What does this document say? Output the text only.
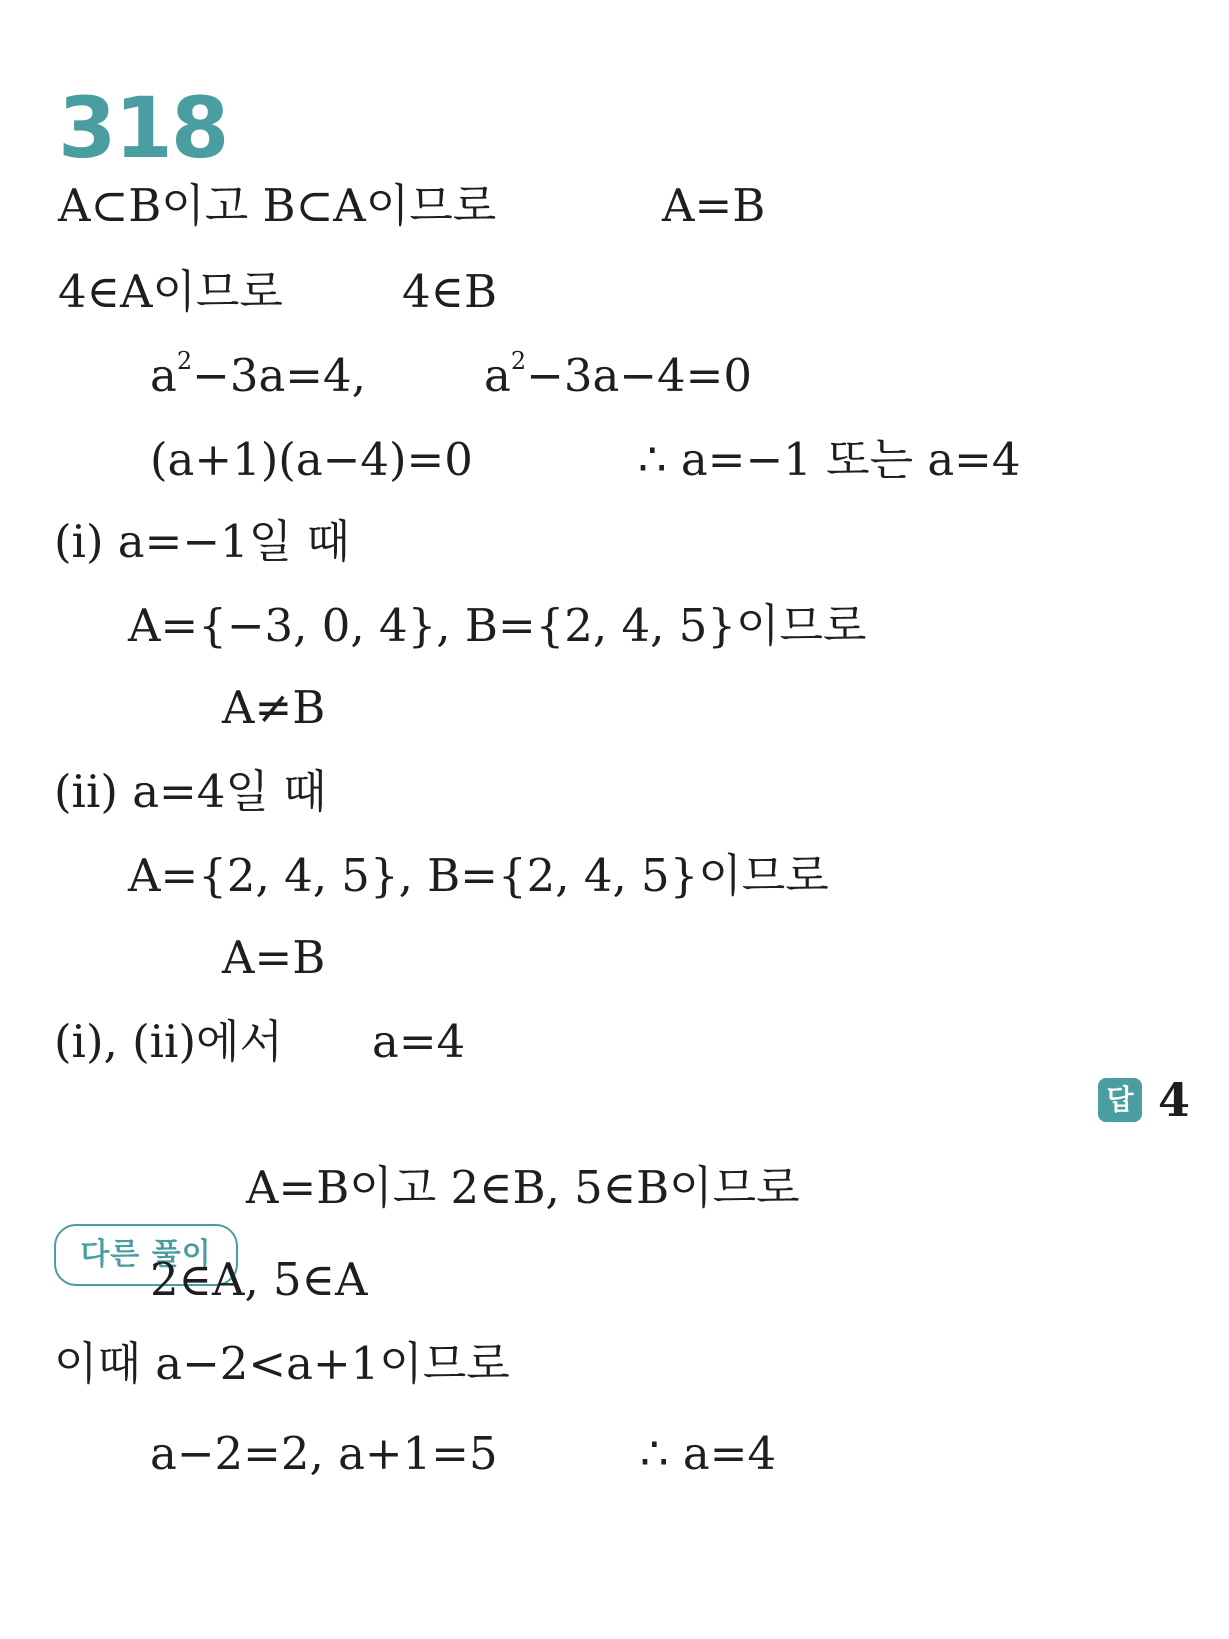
318
A⊂B이고 B⊂A이므로	A=B
4∈A이므로	4∈B
$a^2-3a=4$,	$a^2-3a-4=0$
(a+1)(a−4)=0	∴ a=−1 또는 a=4
(i) a=−1일 때
A={−3, 0, 4}, B={2, 4, 5}이므로
A≠B
(ii) a=4일 때
A={2, 4, 5}, B={2, 4, 5}이므로
A=B
(i), (ii)에서 a=4
답 4
다른 풀이
A=B이고 2∈B, 5∈B이므로
2∈A, 5∈A
이때 a−2<a+1이므로
a−2=2, a+1=5	∴ a=4
